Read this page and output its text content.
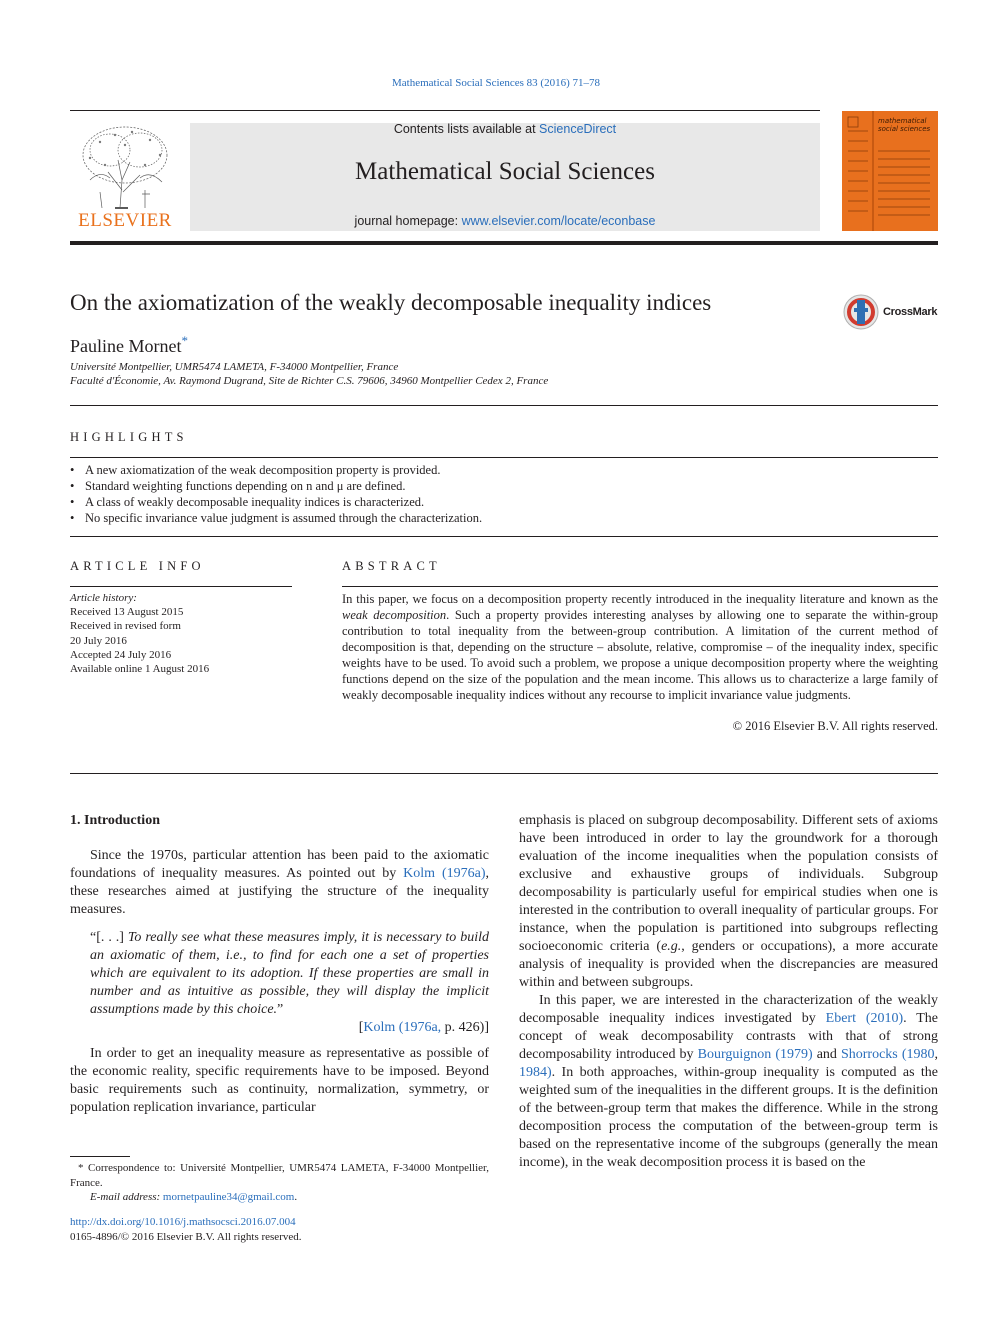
Mathematical Social Sciences 83 (2016) 71–78
ELSEVIER
Contents lists available at ScienceDirect
Mathematical Social Sciences
journal homepage: www.elsevier.com/locate/econbase
mathematical social sciences
On the axiomatization of the weakly decomposable inequality indices	CrossMark
Pauline Mornet*
Université Montpellier, UMR5474 LAMETA, F-34000 Montpellier, France
Faculté d'Économie, Av. Raymond Dugrand, Site de Richter C.S. 79606, 34960 Montpellier Cedex 2, France
HIGHLIGHTS
• A new axiomatization of the weak decomposition property is provided.
• Standard weighting functions depending on n and μ are defined.
• A class of weakly decomposable inequality indices is characterized.
• No specific invariance value judgment is assumed through the characterization.
ARTICLE INFO
Article history:
Received 13 August 2015
Received in revised form
20 July 2016
Accepted 24 July 2016
Available online 1 August 2016
ABSTRACT
In this paper, we focus on a decomposition property recently introduced in the inequality literature and known as the weak decomposition. Such a property provides interesting analyses by allowing one to separate the within-group contribution to total inequality from the between-group contribution. A limitation of the current method of decomposition is that, depending on the structure – absolute, relative, compromise – of the inequality index, specific weights have to be used. To avoid such a problem, we propose a unique decomposition property where the weighting functions depend on the size of the population and the mean income. This allows us to characterize a large family of weakly decomposable inequality indices without any recourse to implicit invariance value judgments.
© 2016 Elsevier B.V. All rights reserved.

1. Introduction

Since the 1970s, particular attention has been paid to the axiomatic foundations of inequality measures. As pointed out by Kolm (1976a), these researches aimed at justifying the structure of the inequality measures.

“[. . .] To really see what these measures imply, it is necessary to build an axiomatic of them, i.e., to find for each one a set of properties which are equivalent to its adoption. If these properties are small in number and as intuitive as possible, they will display the implicit assumptions made by this choice.”

[Kolm (1976a, p. 426)]

In order to get an inequality measure as representative as possible of the economic reality, specific requirements have to be imposed. Beyond basic requirements such as continuity, normalization, symmetry, or population replication invariance, particular

* Correspondence to: Université Montpellier, UMR5474 LAMETA, F-34000 Montpellier, France.
E-mail address: mornetpauline34@gmail.com.
http://dx.doi.org/10.1016/j.mathsocsci.2016.07.004
0165-4896/© 2016 Elsevier B.V. All rights reserved.

emphasis is placed on subgroup decomposability. Different sets of axioms have been introduced in order to lay the groundwork for a thorough evaluation of the income inequalities when the population consists of exclusive and exhaustive groups of individuals. Subgroup decomposability is particularly useful for empirical studies when one is interested in the contribution to overall inequality of particular groups. For instance, when the population is partitioned into subgroups reflecting socioeconomic criteria (e.g., genders or occupations), a more accurate analysis of inequality is provided when the discrepancies are measured within and between subgroups.

In this paper, we are interested in the characterization of the weakly decomposable inequality indices investigated by Ebert (2010). The concept of weak decomposability contrasts with that of strong decomposability introduced by Bourguignon (1979) and Shorrocks (1980, 1984). In both approaches, within-group inequality is computed as the weighted sum of the inequalities in the different groups. It is the definition of the between-group term that makes the difference. While in the strong decomposition process the computation of the between-group term is based on the representative income of the subgroups (generally the mean income), in the weak decomposition process it is based on the
